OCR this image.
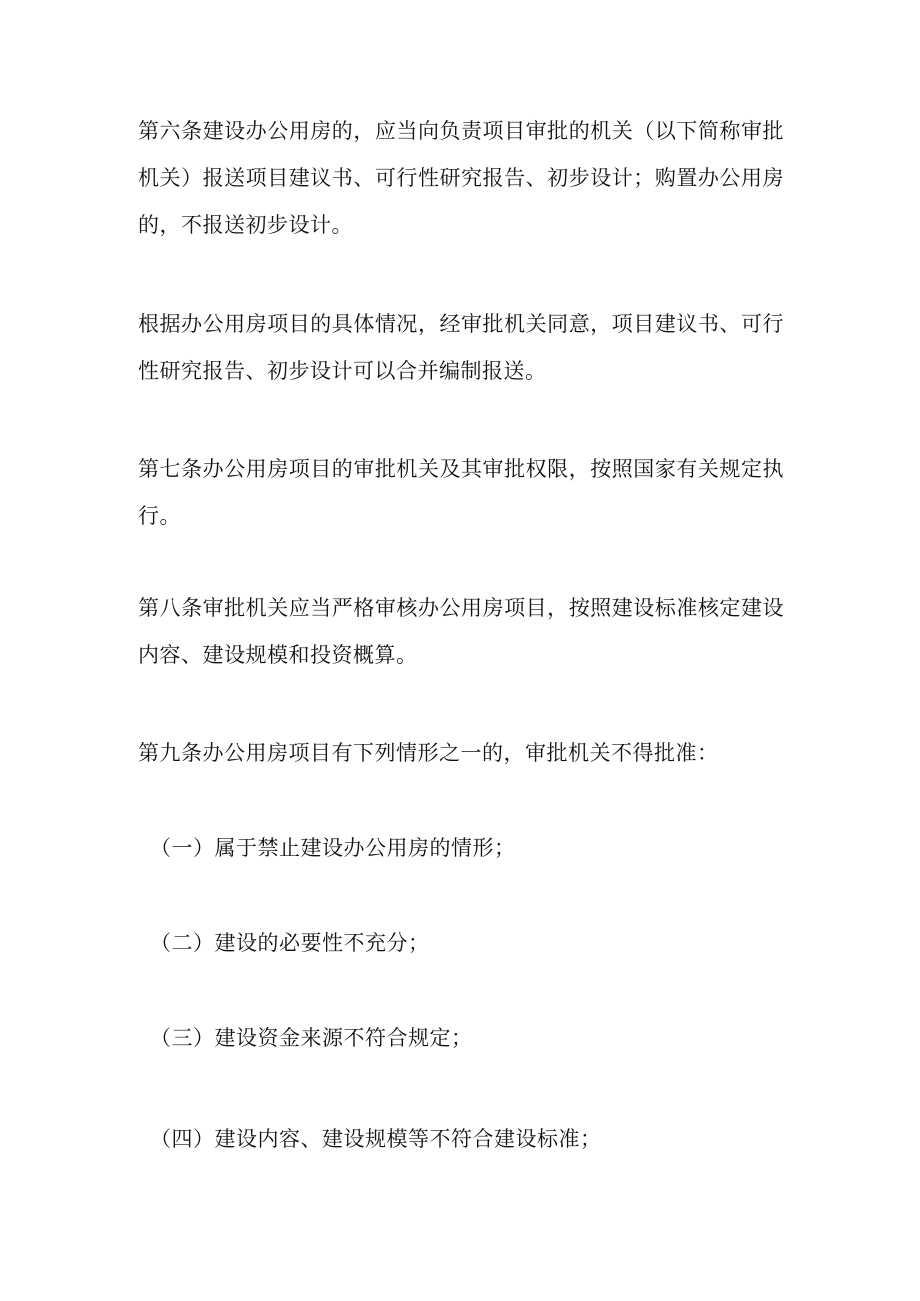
第六条建设办公用房的，应当向负责项目审批的机关（以下简称审批机关）报送项目建议书、可行性研究报告、初步设计；购置办公用房的，不报送初步设计。

根据办公用房项目的具体情况，经审批机关同意，项目建议书、可行性研究报告、初步设计可以合并编制报送。

第七条办公用房项目的审批机关及其审批权限，按照国家有关规定执行。

第八条审批机关应当严格审核办公用房项目，按照建设标准核定建设内容、建设规模和投资概算。

第九条办公用房项目有下列情形之一的，审批机关不得批准：

（一）属于禁止建设办公用房的情形；

（二）建设的必要性不充分；

（三）建设资金来源不符合规定；

（四）建设内容、建设规模等不符合建设标准；
